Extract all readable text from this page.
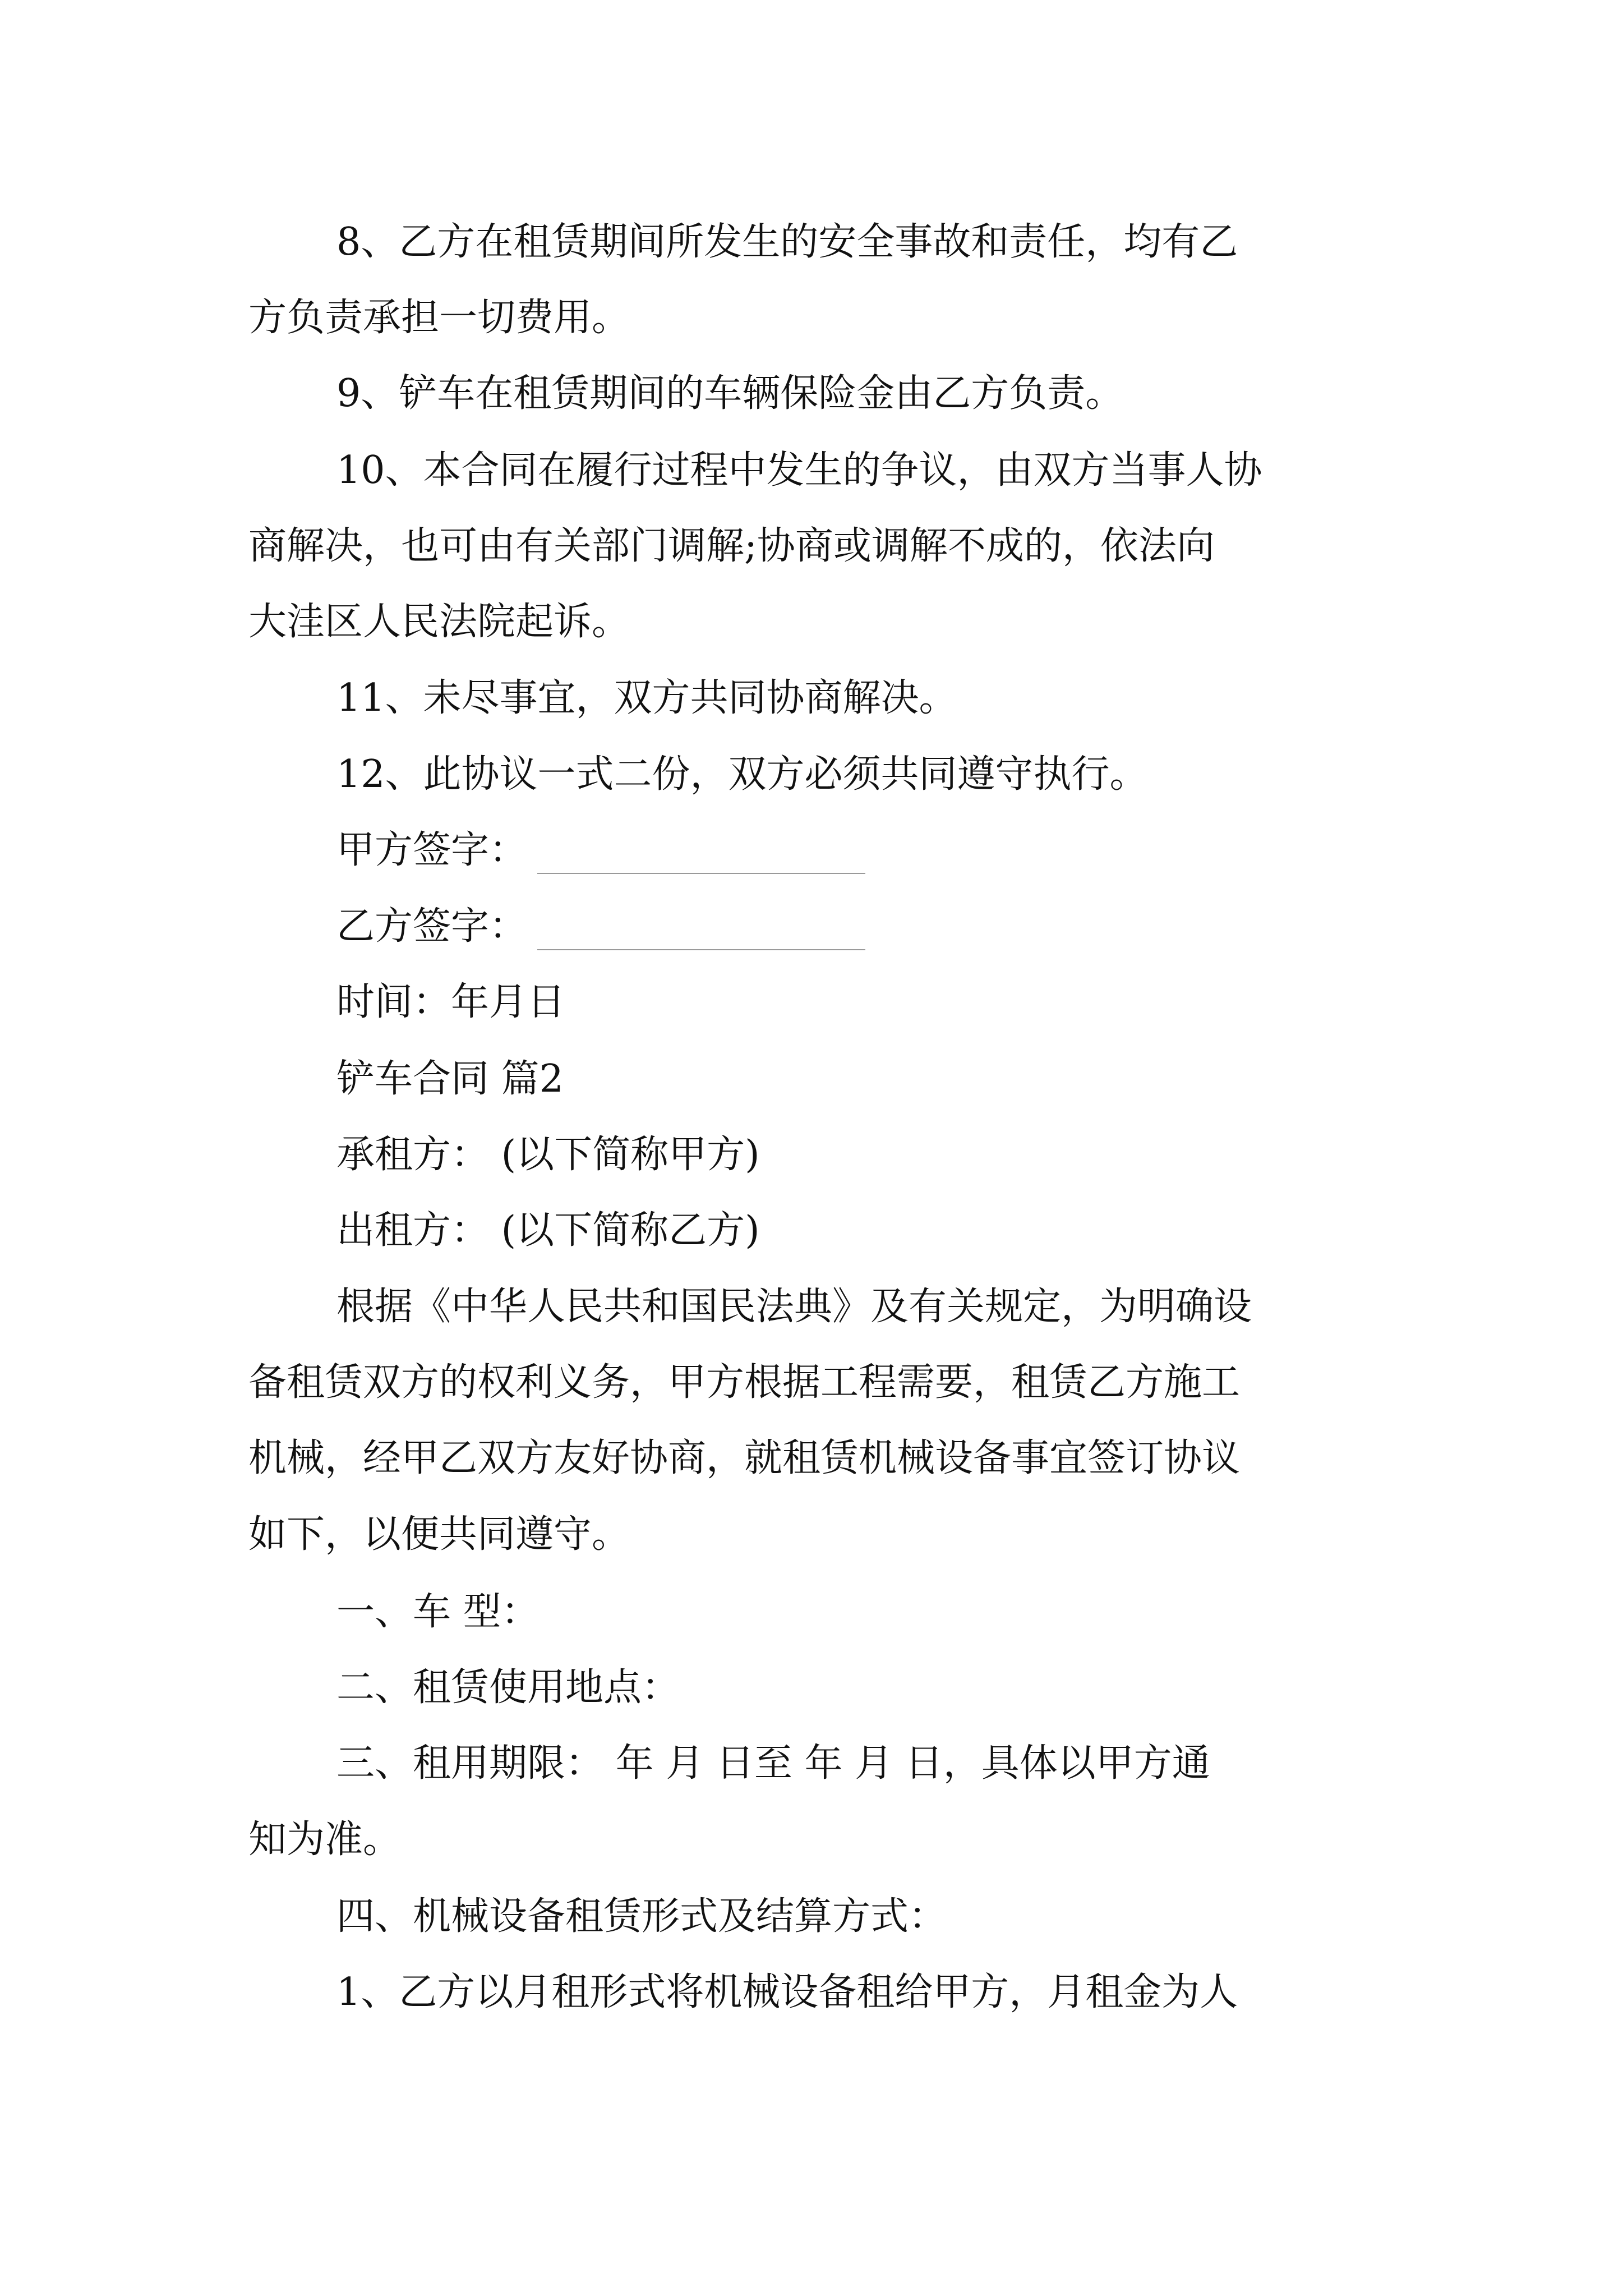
8、乙方在租赁期间所发生的安全事故和责任，均有乙
方负责承担一切费用。
9、铲车在租赁期间的车辆保险金由乙方负责。
10、本合同在履行过程中发生的争议，由双方当事人协
商解决，也可由有关部门调解;协商或调解不成的，依法向
大洼区人民法院起诉。
11、未尽事宜，双方共同协商解决。
12、此协议一式二份，双方必须共同遵守执行。
甲方签字：
乙方签字：
时间：年月日
铲车合同 篇2
承租方： (以下简称甲方)
出租方： (以下简称乙方)
根据《中华人民共和国民法典》及有关规定，为明确设
备租赁双方的权利义务，甲方根据工程需要，租赁乙方施工
机械，经甲乙双方友好协商，就租赁机械设备事宜签订协议
如下，以便共同遵守。
一、车 型：
二、租赁使用地点：
三、租用期限： 年 月 日至 年 月 日，具体以甲方通
知为准。
四、机械设备租赁形式及结算方式：
1、乙方以月租形式将机械设备租给甲方，月租金为人
